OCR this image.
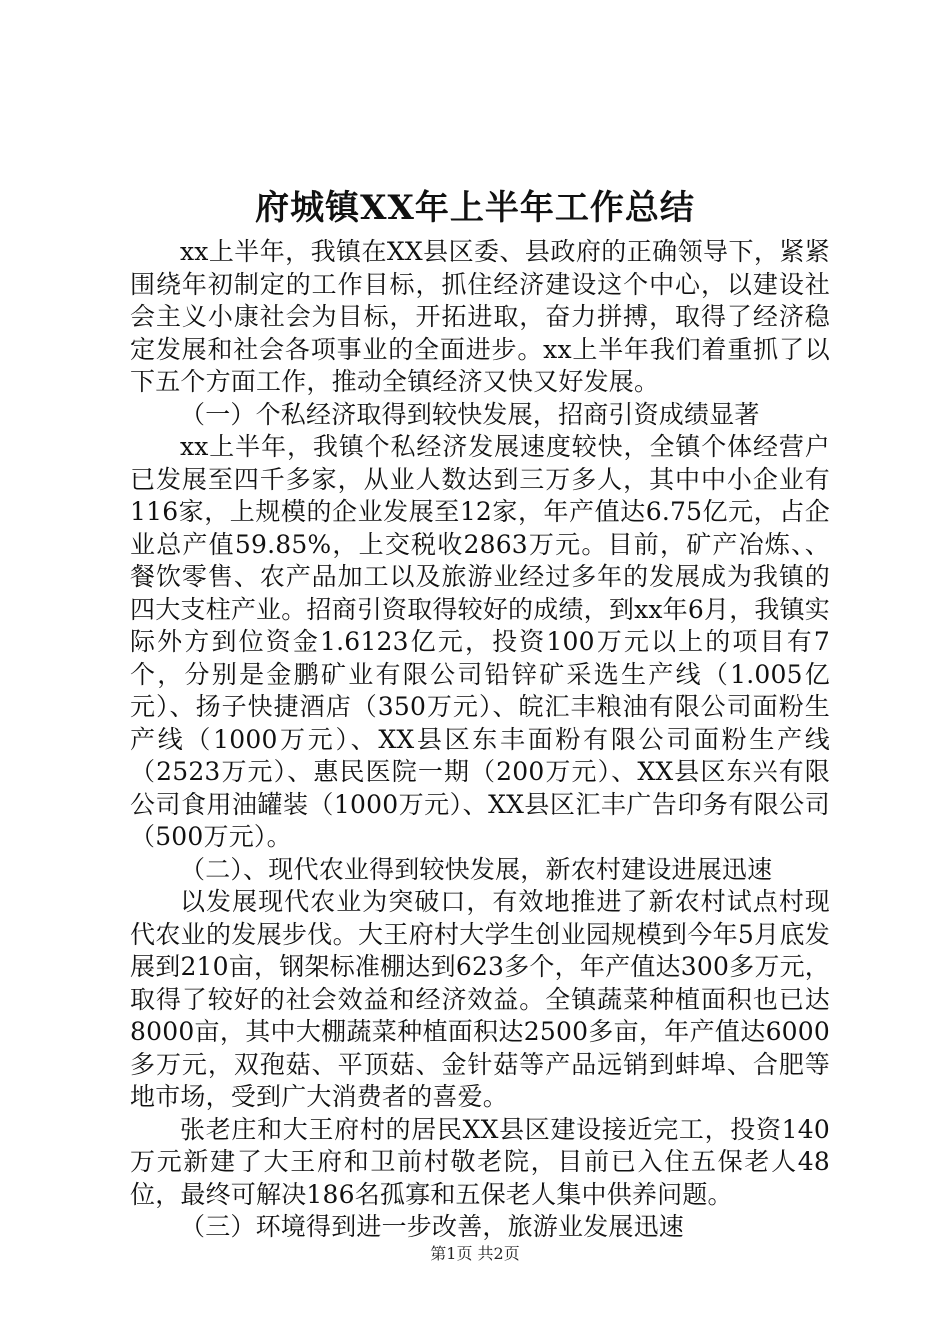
府城镇XX年上半年工作总结

xx上半年，我镇在XX县区委、县政府的正确领导下，紧紧围绕年初制定的工作目标，抓住经济建设这个中心，以建设社会主义小康社会为目标，开拓进取，奋力拼搏，取得了经济稳定发展和社会各项事业的全面进步。xx上半年我们着重抓了以下五个方面工作，推动全镇经济又快又好发展。

（一）个私经济取得到较快发展，招商引资成绩显著

xx上半年，我镇个私经济发展速度较快，全镇个体经营户已发展至四千多家，从业人数达到三万多人，其中中小企业有116家，上规模的企业发展至12家，年产值达6.75亿元，占企业总产值59.85%，上交税收2863万元。目前，矿产冶炼、、餐饮零售、农产品加工以及旅游业经过多年的发展成为我镇的四大支柱产业。招商引资取得较好的成绩，到xx年6月，我镇实际外方到位资金1.6123亿元，投资100万元以上的项目有7个，分别是金鹏矿业有限公司铅锌矿采选生产线（1.005亿元）、扬子快捷酒店（350万元）、皖汇丰粮油有限公司面粉生产线（1000万元）、XX县区东丰面粉有限公司面粉生产线（2523万元）、惠民医院一期（200万元）、XX县区东兴有限公司食用油罐装（1000万元）、XX县区汇丰广告印务有限公司（500万元）。

（二）、现代农业得到较快发展，新农村建设进展迅速

以发展现代农业为突破口，有效地推进了新农村试点村现代农业的发展步伐。大王府村大学生创业园规模到今年5月底发展到210亩，钢架标准棚达到623多个，年产值达300多万元，取得了较好的社会效益和经济效益。全镇蔬菜种植面积也已达8000亩，其中大棚蔬菜种植面积达2500多亩，年产值达6000多万元，双孢菇、平顶菇、金针菇等产品远销到蚌埠、合肥等地市场，受到广大消费者的喜爱。

张老庄和大王府村的居民XX县区建设接近完工，投资140万元新建了大王府和卫前村敬老院，目前已入住五保老人48位，最终可解决186名孤寡和五保老人集中供养问题。

（三）环境得到进一步改善，旅游业发展迅速

第1页 共2页
